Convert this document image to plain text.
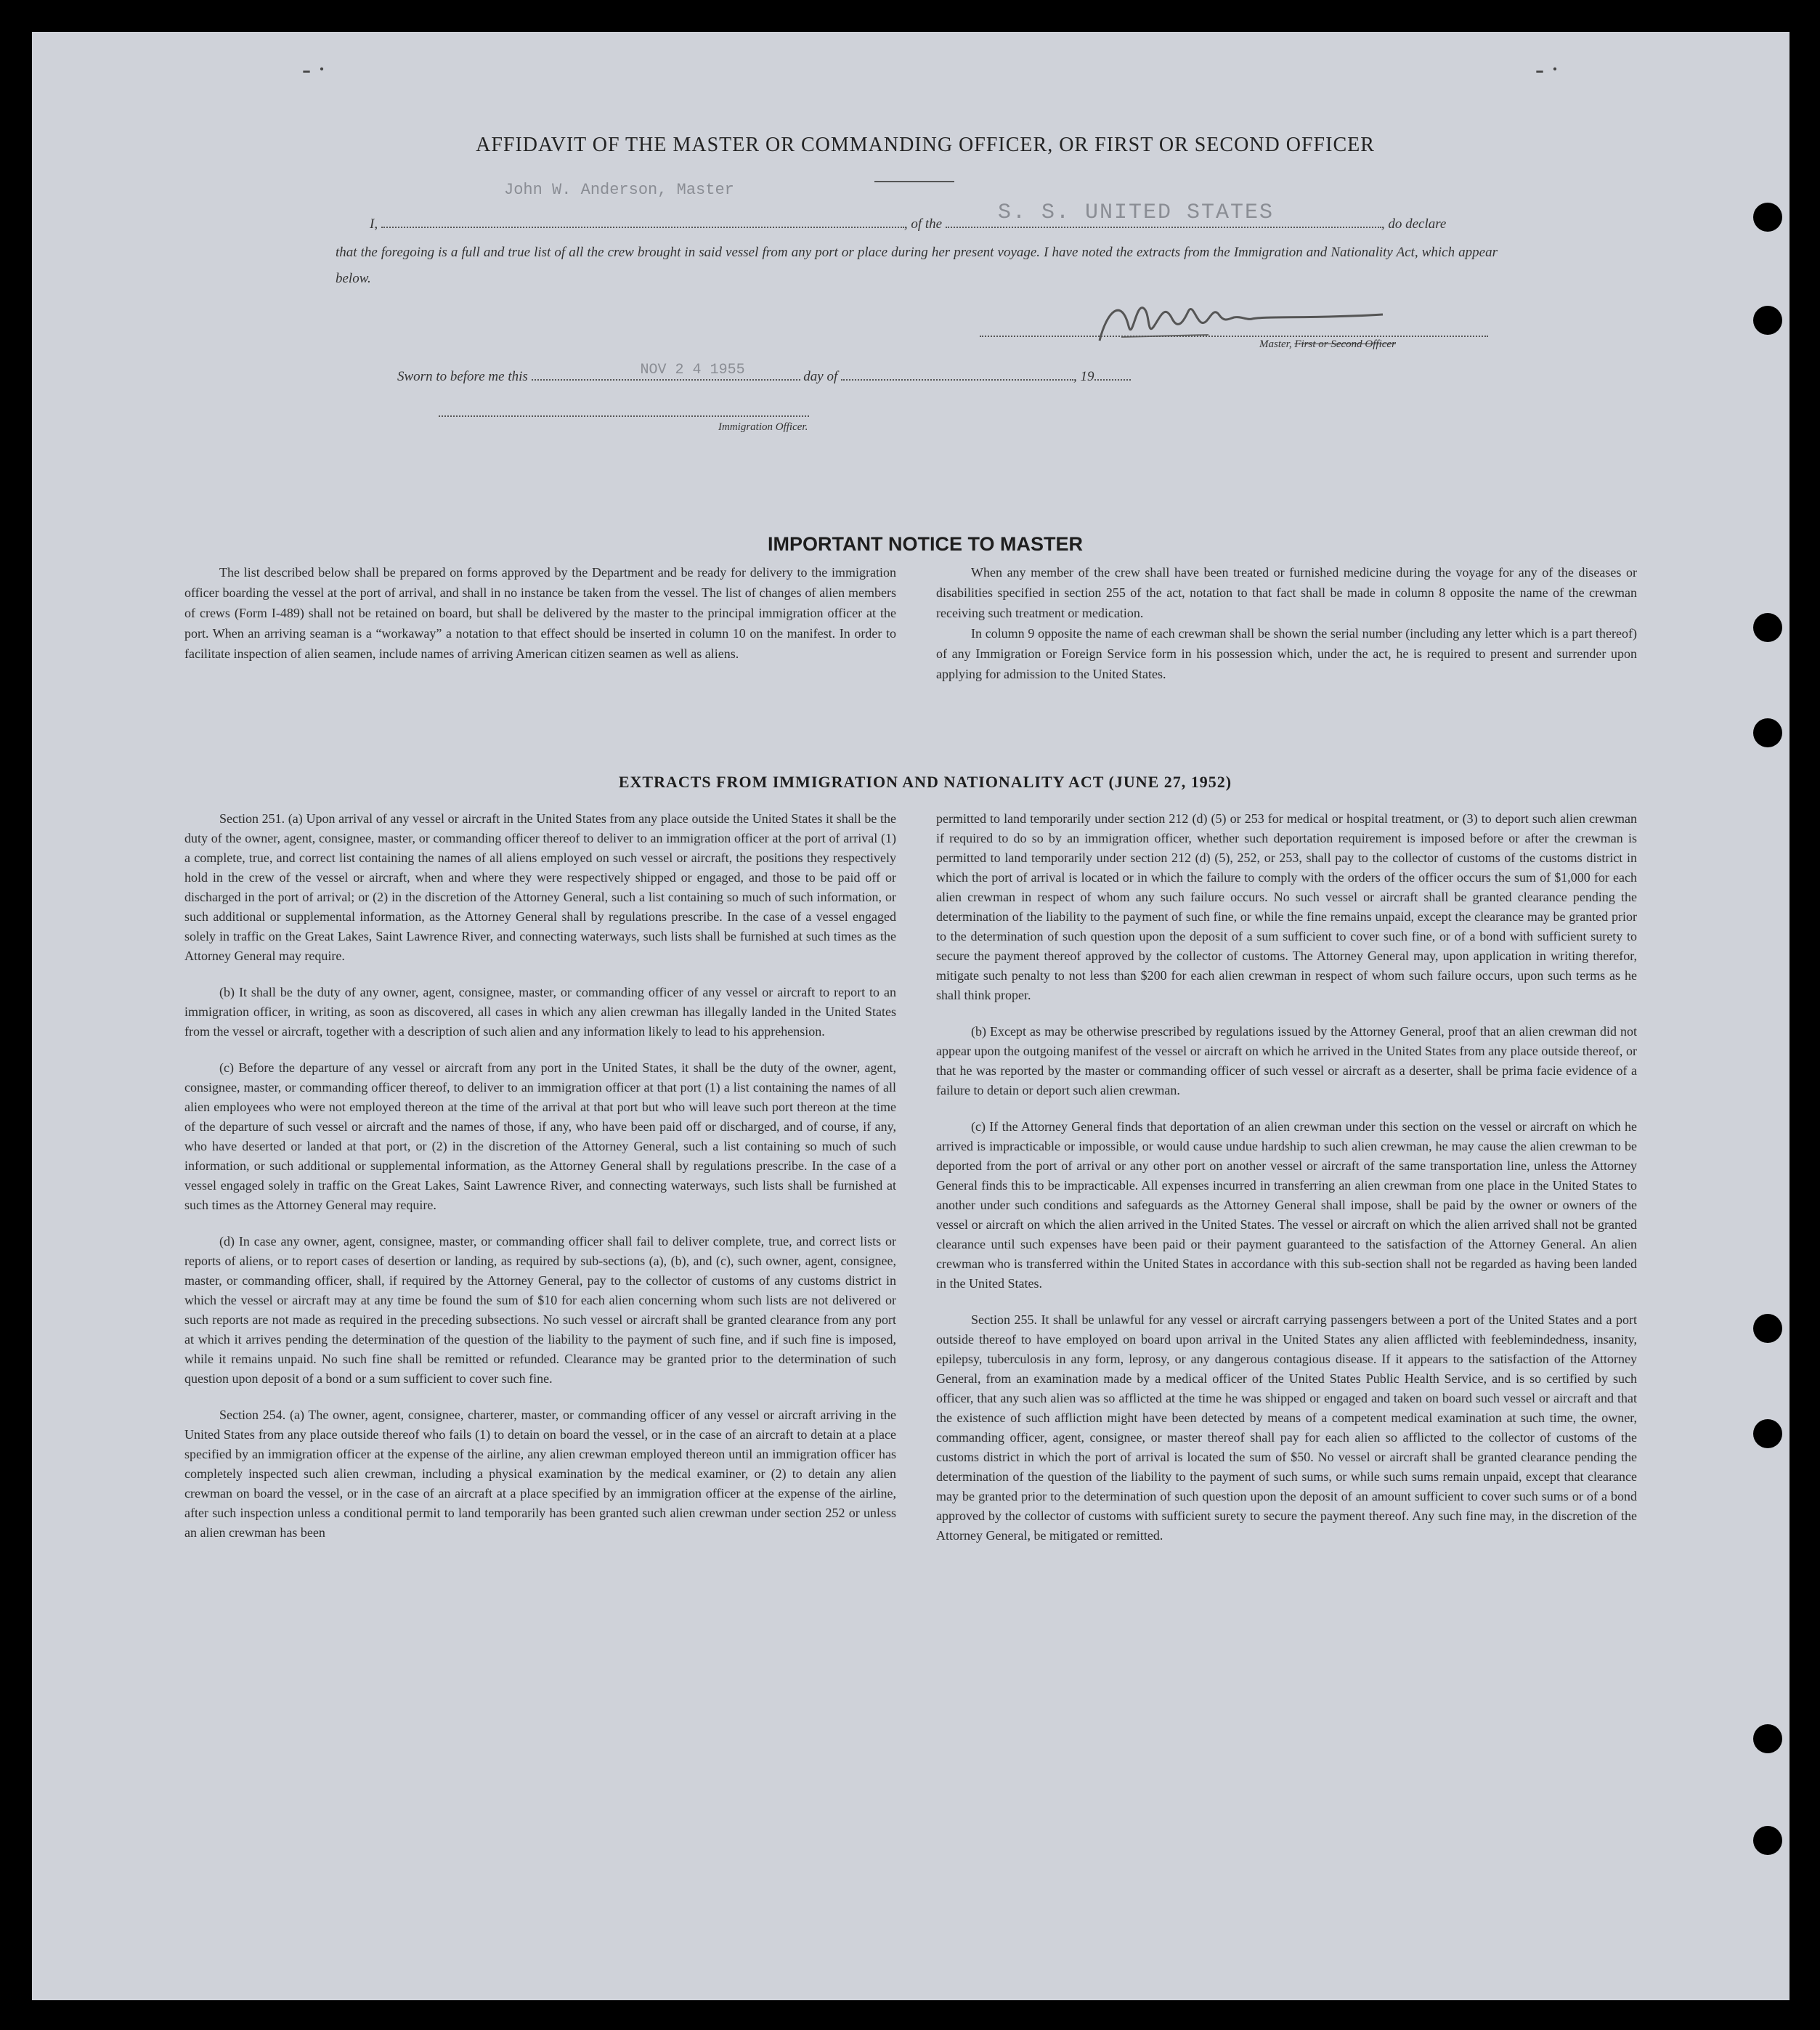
- ·	- ·
AFFIDAVIT OF THE MASTER OR COMMANDING OFFICER, OR FIRST OR SECOND OFFICER
John W. Anderson, Master
S. S. UNITED STATES
I,	, of the	, do declare
that the foregoing is a full and true list of all the crew brought in said vessel from any port or place during her present voyage. I have noted the extracts from the Immigration and Nationality Act, which appear below.
Master, First or Second Officer
Sworn to before me this	NOV 2 4 1955	day of	, 19
Immigration Officer.
IMPORTANT NOTICE TO MASTER

The list described below shall be prepared on forms approved by the Department and be ready for delivery to the immigration officer boarding the vessel at the port of arrival, and shall in no instance be taken from the vessel. The list of changes of alien members of crews (Form I-489) shall not be retained on board, but shall be delivered by the master to the principal immigration officer at the port. When an arriving seaman is a “workaway” a notation to that effect should be inserted in column 10 on the manifest. In order to facilitate inspection of alien seamen, include names of arriving American citizen seamen as well as aliens.

When any member of the crew shall have been treated or furnished medicine during the voyage for any of the diseases or disabilities specified in section 255 of the act, notation to that fact shall be made in column 8 opposite the name of the crewman receiving such treatment or medication.

In column 9 opposite the name of each crewman shall be shown the serial number (including any letter which is a part thereof) of any Immigration or Foreign Service form in his possession which, under the act, he is required to present and surrender upon applying for admission to the United States.

EXTRACTS FROM IMMIGRATION AND NATIONALITY ACT (JUNE 27, 1952)

Section 251. (a) Upon arrival of any vessel or aircraft in the United States from any place outside the United States it shall be the duty of the owner, agent, consignee, master, or commanding officer thereof to deliver to an immigration officer at the port of arrival (1) a complete, true, and correct list containing the names of all aliens employed on such vessel or aircraft, the positions they respectively hold in the crew of the vessel or aircraft, when and where they were respectively shipped or engaged, and those to be paid off or discharged in the port of arrival; or (2) in the discretion of the Attorney General, such a list containing so much of such information, or such additional or supplemental information, as the Attorney General shall by regulations prescribe. In the case of a vessel engaged solely in traffic on the Great Lakes, Saint Lawrence River, and connecting waterways, such lists shall be furnished at such times as the Attorney General may require.

(b) It shall be the duty of any owner, agent, consignee, master, or commanding officer of any vessel or aircraft to report to an immigration officer, in writing, as soon as discovered, all cases in which any alien crewman has illegally landed in the United States from the vessel or aircraft, together with a description of such alien and any information likely to lead to his apprehension.

(c) Before the departure of any vessel or aircraft from any port in the United States, it shall be the duty of the owner, agent, consignee, master, or commanding officer thereof, to deliver to an immigration officer at that port (1) a list containing the names of all alien employees who were not employed thereon at the time of the arrival at that port but who will leave such port thereon at the time of the departure of such vessel or aircraft and the names of those, if any, who have been paid off or discharged, and of course, if any, who have deserted or landed at that port, or (2) in the discretion of the Attorney General, such a list containing so much of such information, or such additional or supplemental information, as the Attorney General shall by regulations prescribe. In the case of a vessel engaged solely in traffic on the Great Lakes, Saint Lawrence River, and connecting waterways, such lists shall be furnished at such times as the Attorney General may require.

(d) In case any owner, agent, consignee, master, or commanding officer shall fail to deliver complete, true, and correct lists or reports of aliens, or to report cases of desertion or landing, as required by sub-sections (a), (b), and (c), such owner, agent, consignee, master, or commanding officer, shall, if required by the Attorney General, pay to the collector of customs of any customs district in which the vessel or aircraft may at any time be found the sum of $10 for each alien concerning whom such lists are not delivered or such reports are not made as required in the preceding subsections. No such vessel or aircraft shall be granted clearance from any port at which it arrives pending the determination of the question of the liability to the payment of such fine, and if such fine is imposed, while it remains unpaid. No such fine shall be remitted or refunded. Clearance may be granted prior to the determination of such question upon deposit of a bond or a sum sufficient to cover such fine.

Section 254. (a) The owner, agent, consignee, charterer, master, or commanding officer of any vessel or aircraft arriving in the United States from any place outside thereof who fails (1) to detain on board the vessel, or in the case of an aircraft to detain at a place specified by an immigration officer at the expense of the airline, any alien crewman employed thereon until an immigration officer has completely inspected such alien crewman, including a physical examination by the medical examiner, or (2) to detain any alien crewman on board the vessel, or in the case of an aircraft at a place specified by an immigration officer at the expense of the airline, after such inspection unless a conditional permit to land temporarily has been granted such alien crewman under section 252 or unless an alien crewman has been

permitted to land temporarily under section 212 (d) (5) or 253 for medical or hospital treatment, or (3) to deport such alien crewman if required to do so by an immigration officer, whether such deportation requirement is imposed before or after the crewman is permitted to land temporarily under section 212 (d) (5), 252, or 253, shall pay to the collector of customs of the customs district in which the port of arrival is located or in which the failure to comply with the orders of the officer occurs the sum of $1,000 for each alien crewman in respect of whom any such failure occurs. No such vessel or aircraft shall be granted clearance pending the determination of the liability to the payment of such fine, or while the fine remains unpaid, except the clearance may be granted prior to the determination of such question upon the deposit of a sum sufficient to cover such fine, or of a bond with sufficient surety to secure the payment thereof approved by the collector of customs. The Attorney General may, upon application in writing therefor, mitigate such penalty to not less than $200 for each alien crewman in respect of whom such failure occurs, upon such terms as he shall think proper.

(b) Except as may be otherwise prescribed by regulations issued by the Attorney General, proof that an alien crewman did not appear upon the outgoing manifest of the vessel or aircraft on which he arrived in the United States from any place outside thereof, or that he was reported by the master or commanding officer of such vessel or aircraft as a deserter, shall be prima facie evidence of a failure to detain or deport such alien crewman.

(c) If the Attorney General finds that deportation of an alien crewman under this section on the vessel or aircraft on which he arrived is impracticable or impossible, or would cause undue hardship to such alien crewman, he may cause the alien crewman to be deported from the port of arrival or any other port on another vessel or aircraft of the same transportation line, unless the Attorney General finds this to be impracticable. All expenses incurred in transferring an alien crewman from one place in the United States to another under such conditions and safeguards as the Attorney General shall impose, shall be paid by the owner or owners of the vessel or aircraft on which the alien arrived in the United States. The vessel or aircraft on which the alien arrived shall not be granted clearance until such expenses have been paid or their payment guaranteed to the satisfaction of the Attorney General. An alien crewman who is transferred within the United States in accordance with this sub-section shall not be regarded as having been landed in the United States.

Section 255. It shall be unlawful for any vessel or aircraft carrying passengers between a port of the United States and a port outside thereof to have employed on board upon arrival in the United States any alien afflicted with feeblemindedness, insanity, epilepsy, tuberculosis in any form, leprosy, or any dangerous contagious disease. If it appears to the satisfaction of the Attorney General, from an examination made by a medical officer of the United States Public Health Service, and is so certified by such officer, that any such alien was so afflicted at the time he was shipped or engaged and taken on board such vessel or aircraft and that the existence of such affliction might have been detected by means of a competent medical examination at such time, the owner, commanding officer, agent, consignee, or master thereof shall pay for each alien so afflicted to the collector of customs of the customs district in which the port of arrival is located the sum of $50. No vessel or aircraft shall be granted clearance pending the determination of the question of the liability to the payment of such sums, or while such sums remain unpaid, except that clearance may be granted prior to the determination of such question upon the deposit of an amount sufficient to cover such sums or of a bond approved by the collector of customs with sufficient surety to secure the payment thereof. Any such fine may, in the discretion of the Attorney General, be mitigated or remitted.
